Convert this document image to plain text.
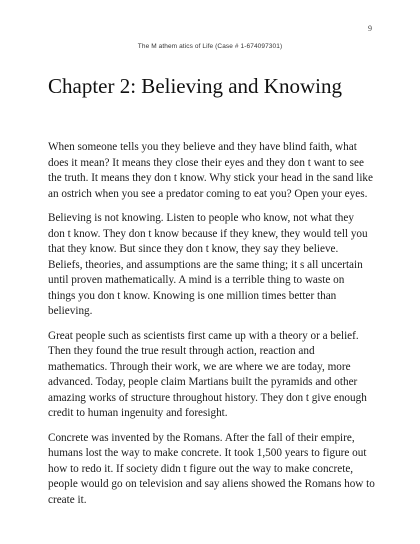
9
The M athem atics of Life (Case # 1-674097301)
Chapter 2: Believing and Knowing

When someone tells you they believe and they have blind faith, what
does it mean? It means they close their eyes and they don t want to see
the truth. It means they don t know. Why stick your head in the sand like
an ostrich when you see a predator coming to eat you? Open your eyes.

Believing is not knowing. Listen to people who know, not what they
don t know. They don t know because if they knew, they would tell you
that they know. But since they don t know, they say they believe.
Beliefs, theories, and assumptions are the same thing; it s all uncertain
until proven mathematically. A mind is a terrible thing to waste on
things you don t know. Knowing is one million times better than
believing.

Great people such as scientists first came up with a theory or a belief.
Then they found the true result through action, reaction and
mathematics. Through their work, we are where we are today, more
advanced. Today, people claim Martians built the pyramids and other
amazing works of structure throughout history. They don t give enough
credit to human ingenuity and foresight.

Concrete was invented by the Romans. After the fall of their empire,
humans lost the way to make concrete. It took 1,500 years to figure out
how to redo it. If society didn t figure out the way to make concrete,
people would go on television and say aliens showed the Romans how to
create it.
